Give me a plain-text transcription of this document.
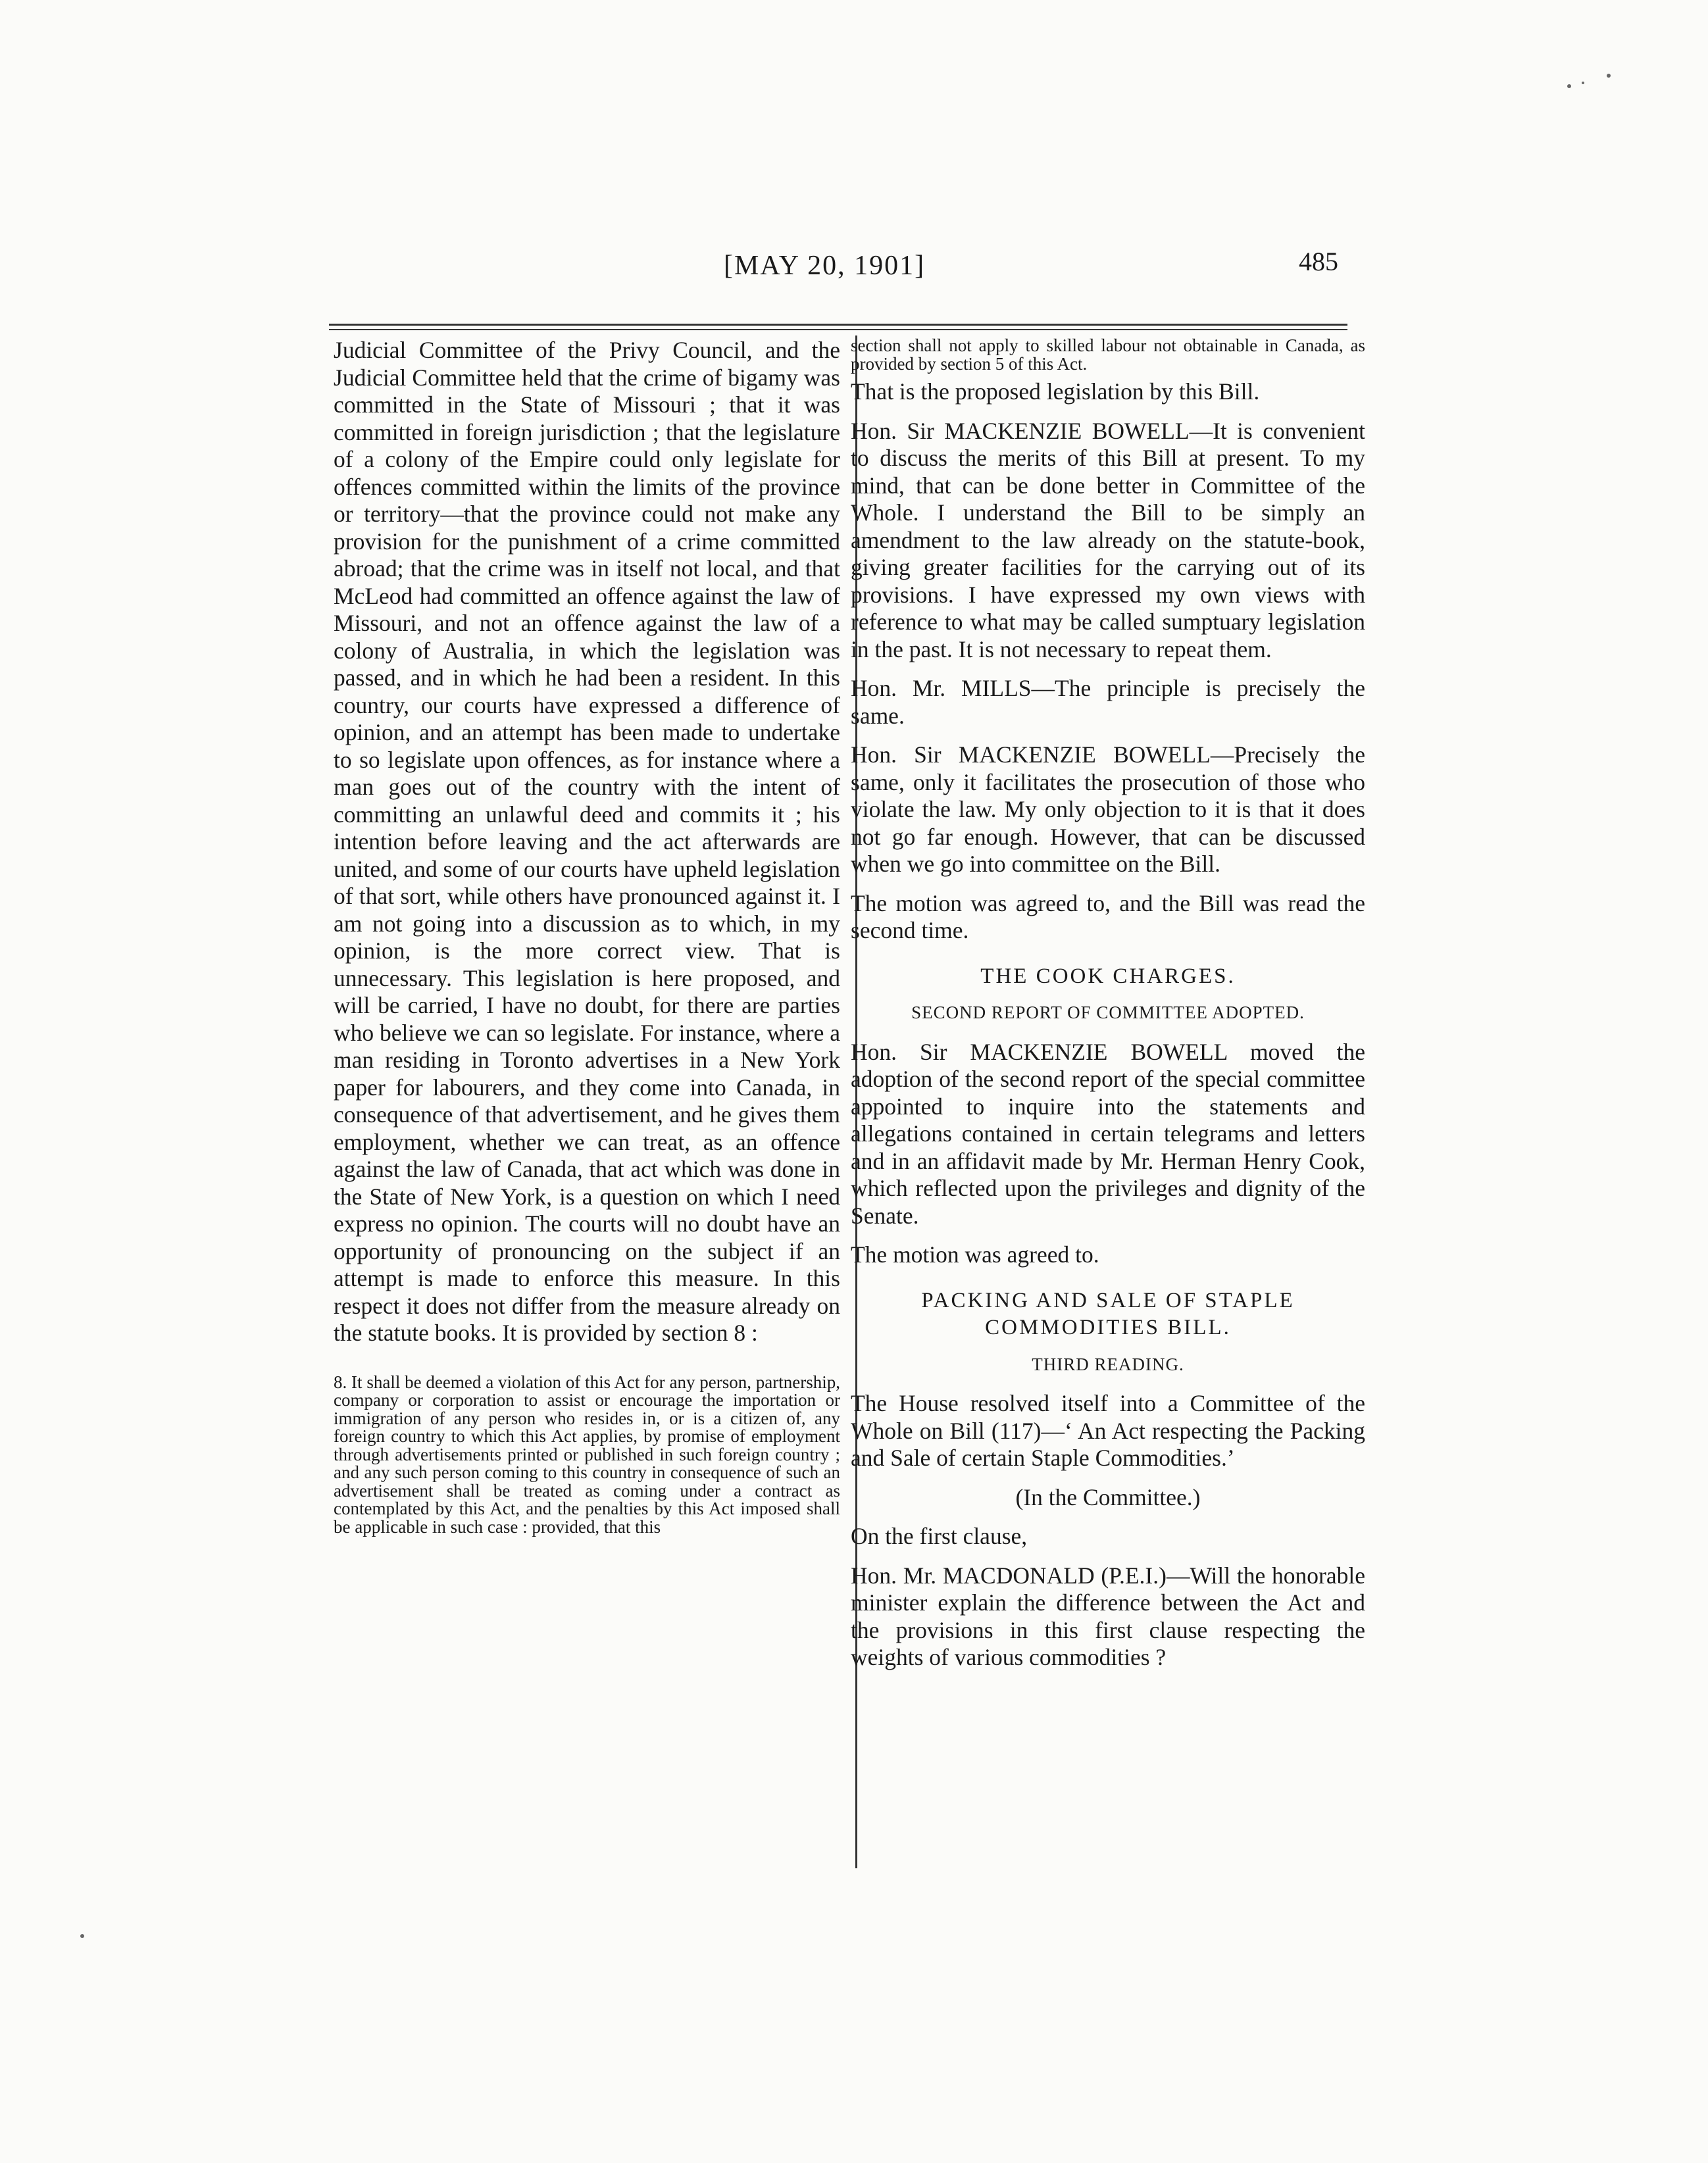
[MAY 20, 1901]	485

Judicial Committee of the Privy Council, and the Judicial Committee held that the crime of bigamy was committed in the State of Missouri ; that it was committed in foreign jurisdiction ; that the legislature of a colony of the Empire could only legislate for offences committed within the limits of the province or territory—that the province could not make any provision for the punishment of a crime committed abroad; that the crime was in itself not local, and that McLeod had committed an offence against the law of Missouri, and not an offence against the law of a colony of Australia, in which the legislation was passed, and in which he had been a resident. In this country, our courts have expressed a difference of opinion, and an attempt has been made to undertake to so legislate upon offences, as for instance where a man goes out of the country with the intent of committing an unlawful deed and commits it ; his intention before leaving and the act afterwards are united, and some of our courts have upheld legislation of that sort, while others have pronounced against it. I am not going into a discussion as to which, in my opinion, is the more correct view. That is unnecessary. This legislation is here proposed, and will be carried, I have no doubt, for there are parties who believe we can so legislate. For instance, where a man residing in Toronto advertises in a New York paper for labourers, and they come into Canada, in consequence of that advertisement, and he gives them employment, whether we can treat, as an offence against the law of Canada, that act which was done in the State of New York, is a question on which I need express no opinion. The courts will no doubt have an opportunity of pronouncing on the subject if an attempt is made to enforce this measure. In this respect it does not differ from the measure already on the statute books. It is provided by section 8 :

8. It shall be deemed a violation of this Act for any person, partnership, company or corporation to assist or encourage the importation or immigration of any person who resides in, or is a citizen of, any foreign country to which this Act applies, by promise of employment through advertisements printed or published in such foreign country ; and any such person coming to this country in consequence of such an advertisement shall be treated as coming under a contract as contemplated by this Act, and the penalties by this Act imposed shall be applicable in such case : provided, that this

section shall not apply to skilled labour not obtainable in Canada, as provided by section 5 of this Act.

That is the proposed legislation by this Bill.

Hon. Sir MACKENZIE BOWELL—It is convenient to discuss the merits of this Bill at present. To my mind, that can be done better in Committee of the Whole. I understand the Bill to be simply an amendment to the law already on the statute-book, giving greater facilities for the carrying out of its provisions. I have expressed my own views with reference to what may be called sumptuary legislation in the past. It is not necessary to repeat them.

Hon. Mr. MILLS—The principle is precisely the same.

Hon. Sir MACKENZIE BOWELL—Precisely the same, only it facilitates the prosecution of those who violate the law. My only objection to it is that it does not go far enough. However, that can be discussed when we go into committee on the Bill.

The motion was agreed to, and the Bill was read the second time.

THE COOK CHARGES.

SECOND REPORT OF COMMITTEE ADOPTED.

Hon. Sir MACKENZIE BOWELL moved the adoption of the second report of the special committee appointed to inquire into the statements and allegations contained in certain telegrams and letters and in an affidavit made by Mr. Herman Henry Cook, which reflected upon the privileges and dignity of the Senate.

The motion was agreed to.

PACKING AND SALE OF STAPLE COMMODITIES BILL.

THIRD READING.

The House resolved itself into a Committee of the Whole on Bill (117)—‘ An Act respecting the Packing and Sale of certain Staple Commodities.’

(In the Committee.)

On the first clause,

Hon. Mr. MACDONALD (P.E.I.)—Will the honorable minister explain the difference between the Act and the provisions in this first clause respecting the weights of various commodities ?
